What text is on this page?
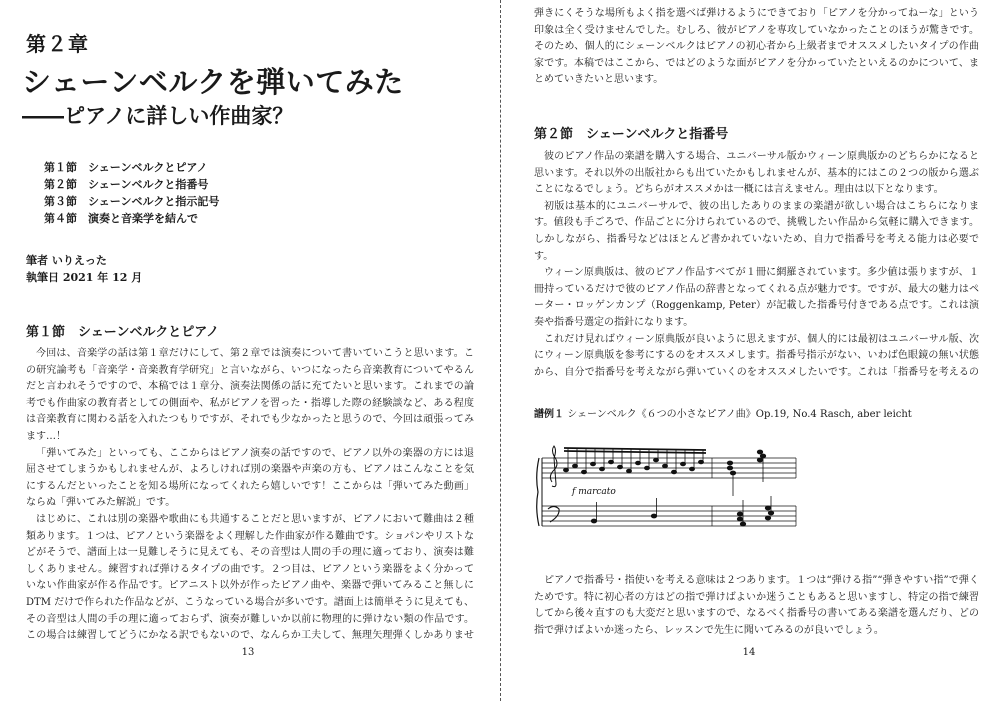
第２章
シェーンベルクを弾いてみた
――ピアノに詳しい作曲家？
第１節　シェーンベルクとピアノ
第２節　シェーンベルクと指番号
第３節　シェーンベルクと指示記号
第４節　演奏と音楽学を結んで
筆者 いりえった
執筆日 2021 年 12 月
第１節　シェーンベルクとピアノ

今回は、音楽学の話は第１章だけにして、第２章では演奏について書いていこうと思います。この研究論考も「音楽学・音楽教育学研究」と言いながら、いつになったら音楽教育についてやるんだと言われそうですので、本稿では１章分、演奏法関係の話に充てたいと思います。これまでの論考でも作曲家の教育者としての側面や、私がピアノを習った・指導した際の経験談など、ある程度は音楽教育に関わる話を入れたつもりですが、それでも少なかったと思うので、今回は頑張ってみます…！

「弾いてみた」といっても、ここからはピアノ演奏の話ですので、ピアノ以外の楽器の方には退屈させてしまうかもしれませんが、よろしければ別の楽器や声楽の方も、ピアノはこんなことを気にするんだといったことを知る場所になってくれたら嬉しいです！ここからは「弾いてみた動画」ならぬ「弾いてみた解説」です。

はじめに、これは別の楽器や歌曲にも共通することだと思いますが、ピアノにおいて難曲は２種類あります。１つは、ピアノという楽器をよく理解した作曲家が作る難曲です。ショパンやリストなどがそうで、譜面上は一見難しそうに見えても、その音型は人間の手の理に適っており、演奏は難しくありません。練習すれば弾けるタイプの曲です。２つ目は、ピアノという楽器をよく分かっていない作曲家が作る作品です。ピアニスト以外が作ったピアノ曲や、楽器で弾いてみること無しに DTM だけで作られた作品などが、こうなっている場合が多いです。譜面上は簡単そうに見えても、その音型は人間の手の理に適っておらず、演奏が難しいか以前に物理的に弾けない類の作品です。この場合は練習してどうにかなる訳でもないので、なんらか工夫して、無理矢理弾くしかありませ

13

弾きにくそうな場所もよく指を選べば弾けるようにできており「ピアノを分かってねーな」という印象は全く受けませんでした。むしろ、彼がピアノを専攻していなかったことのほうが驚きです。そのため、個人的にシェーンベルクはピアノの初心者から上級者までオススメしたいタイプの作曲家です。本稿ではここから、ではどのような面がピアノを分かっていたといえるのかについて、まとめていきたいと思います。

第２節　シェーンベルクと指番号

彼のピアノ作品の楽譜を購入する場合、ユニバーサル版かウィーン原典版かのどちらかになると思います。それ以外の出版社からも出ていたかもしれませんが、基本的にはこの２つの版から選ぶことになるでしょう。どちらがオススメかは一概には言えません。理由は以下となります。

初版は基本的にユニバーサルで、彼の出したありのままの楽譜が欲しい場合はこちらになります。値段も手ごろで、作品ごとに分けられているので、挑戦したい作品から気軽に購入できます。しかしながら、指番号などはほとんど書かれていないため、自力で指番号を考える能力は必要です。

ウィーン原典版は、彼のピアノ作品すべてが１冊に網羅されています。多少値は張りますが、１冊持っているだけで彼のピアノ作品の辞書となってくれる点が魅力です。ですが、最大の魅力はペーター・ロッゲンカンプ（Roggenkamp, Peter）が記載した指番号付きである点です。これは演奏や指番号選定の指針になります。

これだけ見ればウィーン原典版が良いように思えますが、個人的には最初はユニバーサル版、次にウィーン原典版を参考にするのをオススメします。指番号指示がない、いわば色眼鏡の無い状態から、自分で指番号を考えながら弾いていくのをオススメしたいです。これは「指番号を考えるの

譜例１ シェーンベルク《６つの小さなピアノ曲》Op.19, No.4 Rasch, aber leicht
f marcato

ピアノで指番号・指使いを考える意味は２つあります。１つは“弾ける指”“弾きやすい指”で弾くためです。特に初心者の方はどの指で弾けばよいか迷うこともあると思いますし、特定の指で練習してから後々直すのも大変だと思いますので、なるべく指番号の書いてある楽譜を選んだり、どの指で弾けばよいか迷ったら、レッスンで先生に聞いてみるのが良いでしょう。

14
